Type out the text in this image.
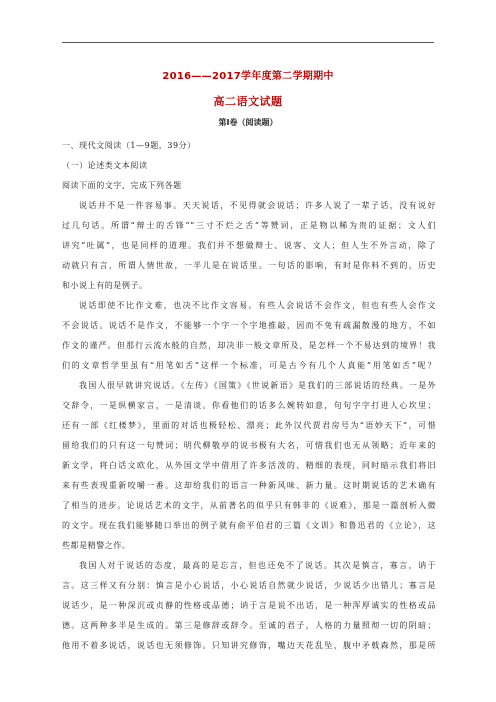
2016——2017学年度第二学期期中
高二语文试题
第Ⅰ卷（阅读题）
一、现代文阅读（1—9题，39分）
（一）论述类文本阅读
阅读下面的文字，完成下列各题
说话并不是一件容易事。天天说话，不见得就会说话；许多人说了一辈子话，没有说好
过几句话。所谓“辩士的舌锋”“三寸不烂之舌”等赞词，正是物以稀为贵的证据；文人们
讲究“吐属”，也是同样的道理。我们并不想做辩士、说客、文人；但人生不外言动，除了
动就只有言，所谓人情世故，一半儿是在说话里。一句话的影响，有时是你料不到的，历史
和小说上有的是例子。
说话即使不比作文难，也决不比作文容易。有些人会说话不会作文，但也有些人会作文
不会说话。说话不是作文，不能够一个字一个字地推敲，因而不免有疏漏散漫的地方，不如
作文的谨严。但那行云流水般的自然，却决非一般文章所及，是怎样一个不易达到的境界！我
们的文章哲学里虽有“用笔如舌”这样一个标准，可是古今有几个人真能“用笔如舌”呢？
我国人很早就讲究说话。《左传》《国策》《世说新语》是我们的三部说话的经典。一是外
交辞令，一是纵横家言，一是清谈。你看他们的话多么婉转如意，句句字字打进人心坎里；
还有一部《红楼梦》，里面的对话也极轻松、漂亮；此外汉代贾君房号为“语妙天下”，可惜
留给我们的只有这一句赞词；明代柳敬亭的说书极有大名，可惜我们也无从领略；近年来的
新文学，将白话文欧化，从外国文学中借用了许多活泼的、精细的表现，同时暗示我们将旧
来有些表现重新咬嚼一番。这却给我们的语言一种新风味、新力量。这时期说话的艺术确有
了相当的进步。论说话艺术的文字，从前著名的似乎只有韩非的《说难》，那是一篇剖析入微
的文字。现在我们能够随口举出的例子就有俞平伯君的三篇《文训》和鲁迅君的《立论》，这
些都是精警之作。
我国人对于说话的态度，最高的是忘言，但也还免不了说话。其次是慎言，寡言，讷于
言。这三样又有分别：慎言是小心说话，小心说话自然就少说话，少说话少出错儿；寡言是
说话少，是一种深沉或贞静的性格或品德；讷于言是说不出话，是一种浑厚诚实的性格或品
德。这两种多半是生成的。第三是修辞或辞令。至诚的君子，人格的力量照彻一切的阴暗；
他用不着多说话，说话也无须修饰。只知讲究修饰，嘴边天花乱坠，腹中矛戟森然，那是所
